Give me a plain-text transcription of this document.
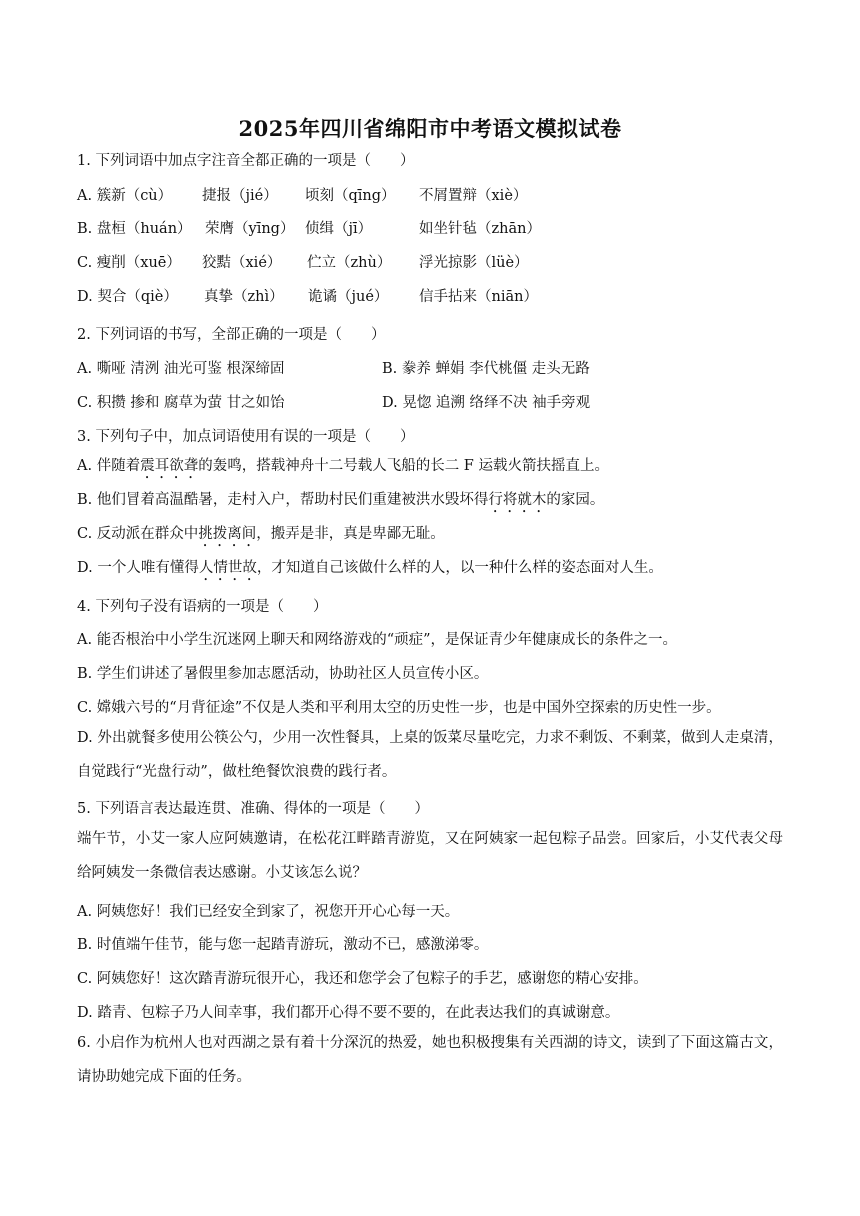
2025年四川省绵阳市中考语文模拟试卷
1. 下列词语中加点字注音全都正确的一项是（　　）
A. 簇新（cù） 捷报（jié） 顷刻（qīng） 不屑置辩（xiè）
B. 盘桓（huán） 荣膺（yīng） 侦缉（jī）	如坐针毡（zhān）
C. 瘦削（xuē） 狡黠（xié） 伫立（zhù） 浮光掠影（lüè）
D. 契合（qiè） 真挚（zhì） 诡谲（jué） 信手拈来（niān）
2. 下列词语的书写，全部正确的一项是（　　）
A. 嘶哑 清洌 油光可鉴 根深缔固	B. 豢养 蝉娟 李代桃僵 走头无路
C. 积攒 掺和 腐草为萤 甘之如饴	D. 晃惚 追溯 络绎不决 袖手旁观
3. 下列句子中，加点词语使用有误的一项是（　　）
A. 伴随着震耳欲聋的轰鸣，搭载神舟十二号载人飞船的长二 F 运载火箭扶摇直上。
B. 他们冒着高温酷暑，走村入户，帮助村民们重建被洪水毁坏得行将就木的家园。
C. 反动派在群众中挑拨离间，搬弄是非，真是卑鄙无耻。
D. 一个人唯有懂得人情世故，才知道自己该做什么样的人，以一种什么样的姿态面对人生。
4. 下列句子没有语病的一项是（　　）
A. 能否根治中小学生沉迷网上聊天和网络游戏的“顽症”，是保证青少年健康成长的条件之一。
B. 学生们讲述了暑假里参加志愿活动，协助社区人员宣传小区。
C. 嫦娥六号的“月背征途”不仅是人类和平利用太空的历史性一步，也是中国外空探索的历史性一步。
D. 外出就餐多使用公筷公勺，少用一次性餐具，上桌的饭菜尽量吃完，力求不剩饭、不剩菜，做到人走桌清，自觉践行“光盘行动”，做杜绝餐饮浪费的践行者。
5. 下列语言表达最连贯、准确、得体的一项是（　　）
端午节，小艾一家人应阿姨邀请，在松花江畔踏青游览，又在阿姨家一起包粽子品尝。回家后，小艾代表父母给阿姨发一条微信表达感谢。小艾该怎么说？
A. 阿姨您好！我们已经安全到家了，祝您开开心心每一天。
B. 时值端午佳节，能与您一起踏青游玩，激动不已，感激涕零。
C. 阿姨您好！这次踏青游玩很开心，我还和您学会了包粽子的手艺，感谢您的精心安排。
D. 踏青、包粽子乃人间幸事，我们都开心得不要不要的，在此表达我们的真诚谢意。
6. 小启作为杭州人也对西湖之景有着十分深沉的热爱，她也积极搜集有关西湖的诗文，读到了下面这篇古文，请协助她完成下面的任务。
